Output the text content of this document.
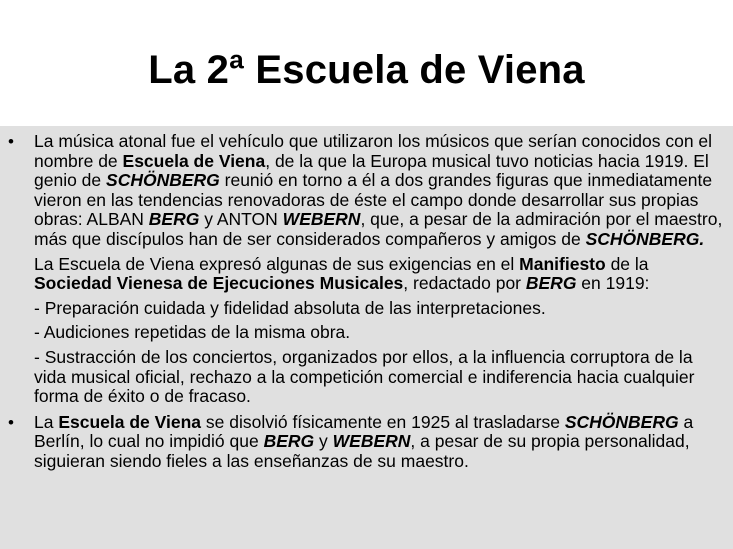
La 2ª Escuela de Viena
• La música atonal fue el vehículo que utilizaron los músicos que serían conocidos con el nombre de Escuela de Viena, de la que la Europa musical tuvo noticias hacia 1919. El genio de SCHÖNBERG reunió en torno a él a dos grandes figuras que inmediatamente vieron en las tendencias renovadoras de éste el campo donde desarrollar sus propias obras: ALBAN BERG y ANTON WEBERN, que, a pesar de la admiración por el maestro, más que discípulos han de ser considerados compañeros y amigos de SCHÖNBERG.

La Escuela de Viena expresó algunas de sus exigencias en el Manifiesto de la Sociedad Vienesa de Ejecuciones Musicales, redactado por BERG en 1919:

- Preparación cuidada y fidelidad absoluta de las interpretaciones.

- Audiciones repetidas de la misma obra.

- Sustracción de los conciertos, organizados por ellos, a la influencia corruptora de la vida musical oficial, rechazo a la competición comercial e indiferencia hacia cualquier forma de éxito o de fracaso.

• La Escuela de Viena se disolvió físicamente en 1925 al trasladarse SCHÖNBERG a Berlín, lo cual no impidió que BERG y WEBERN, a pesar de su propia personalidad, siguieran siendo fieles a las enseñanzas de su maestro.
